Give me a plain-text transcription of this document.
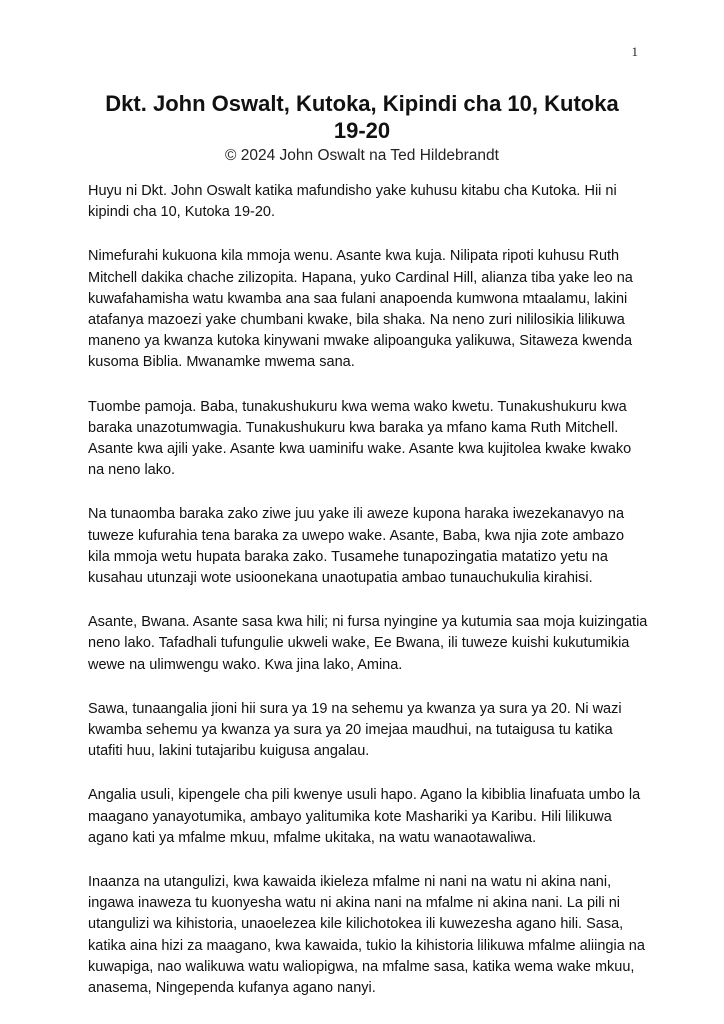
1
Dkt. John Oswalt, Kutoka, Kipindi cha 10, Kutoka 19-20
© 2024 John Oswalt na Ted Hildebrandt

Huyu ni Dkt. John Oswalt katika mafundisho yake kuhusu kitabu cha Kutoka. Hii ni kipindi cha 10, Kutoka 19-20.

Nimefurahi kukuona kila mmoja wenu. Asante kwa kuja. Nilipata ripoti kuhusu Ruth Mitchell dakika chache zilizopita. Hapana, yuko Cardinal Hill, alianza tiba yake leo na kuwafahamisha watu kwamba ana saa fulani anapoenda kumwona mtaalamu, lakini atafanya mazoezi yake chumbani kwake, bila shaka. Na neno zuri nililosikia lilikuwa maneno ya kwanza kutoka kinywani mwake alipoanguka yalikuwa, Sitaweza kwenda kusoma Biblia. Mwanamke mwema sana.

Tuombe pamoja. Baba, tunakushukuru kwa wema wako kwetu. Tunakushukuru kwa baraka unazotumwagia. Tunakushukuru kwa baraka ya mfano kama Ruth Mitchell. Asante kwa ajili yake. Asante kwa uaminifu wake. Asante kwa kujitolea kwake kwako na neno lako.

Na tunaomba baraka zako ziwe juu yake ili aweze kupona haraka iwezekanavyo na tuweze kufurahia tena baraka za uwepo wake. Asante, Baba, kwa njia zote ambazo kila mmoja wetu hupata baraka zako. Tusamehe tunapozingatia matatizo yetu na kusahau utunzaji wote usioonekana unaotupatia ambao tunauchukulia kirahisi.

Asante, Bwana. Asante sasa kwa hili; ni fursa nyingine ya kutumia saa moja kuizingatia neno lako. Tafadhali tufungulie ukweli wake, Ee Bwana, ili tuweze kuishi kukutumikia wewe na ulimwengu wako. Kwa jina lako, Amina.

Sawa, tunaangalia jioni hii sura ya 19 na sehemu ya kwanza ya sura ya 20. Ni wazi kwamba sehemu ya kwanza ya sura ya 20 imejaa maudhui, na tutaigusa tu katika utafiti huu, lakini tutajaribu kuigusa angalau.

Angalia usuli, kipengele cha pili kwenye usuli hapo. Agano la kibiblia linafuata umbo la maagano yanayotumika, ambayo yalitumika kote Mashariki ya Karibu. Hili lilikuwa agano kati ya mfalme mkuu, mfalme ukitaka, na watu wanaotawaliwa.

Inaanza na utangulizi, kwa kawaida ikieleza mfalme ni nani na watu ni akina nani, ingawa inaweza tu kuonyesha watu ni akina nani na mfalme ni akina nani. La pili ni utangulizi wa kihistoria, unaoelezea kile kilichotokea ili kuwezesha agano hili. Sasa, katika aina hizi za maagano, kwa kawaida, tukio la kihistoria lilikuwa mfalme aliingia na kuwapiga, nao walikuwa watu waliopigwa, na mfalme sasa, katika wema wake mkuu, anasema, Ningependa kufanya agano nanyi.
